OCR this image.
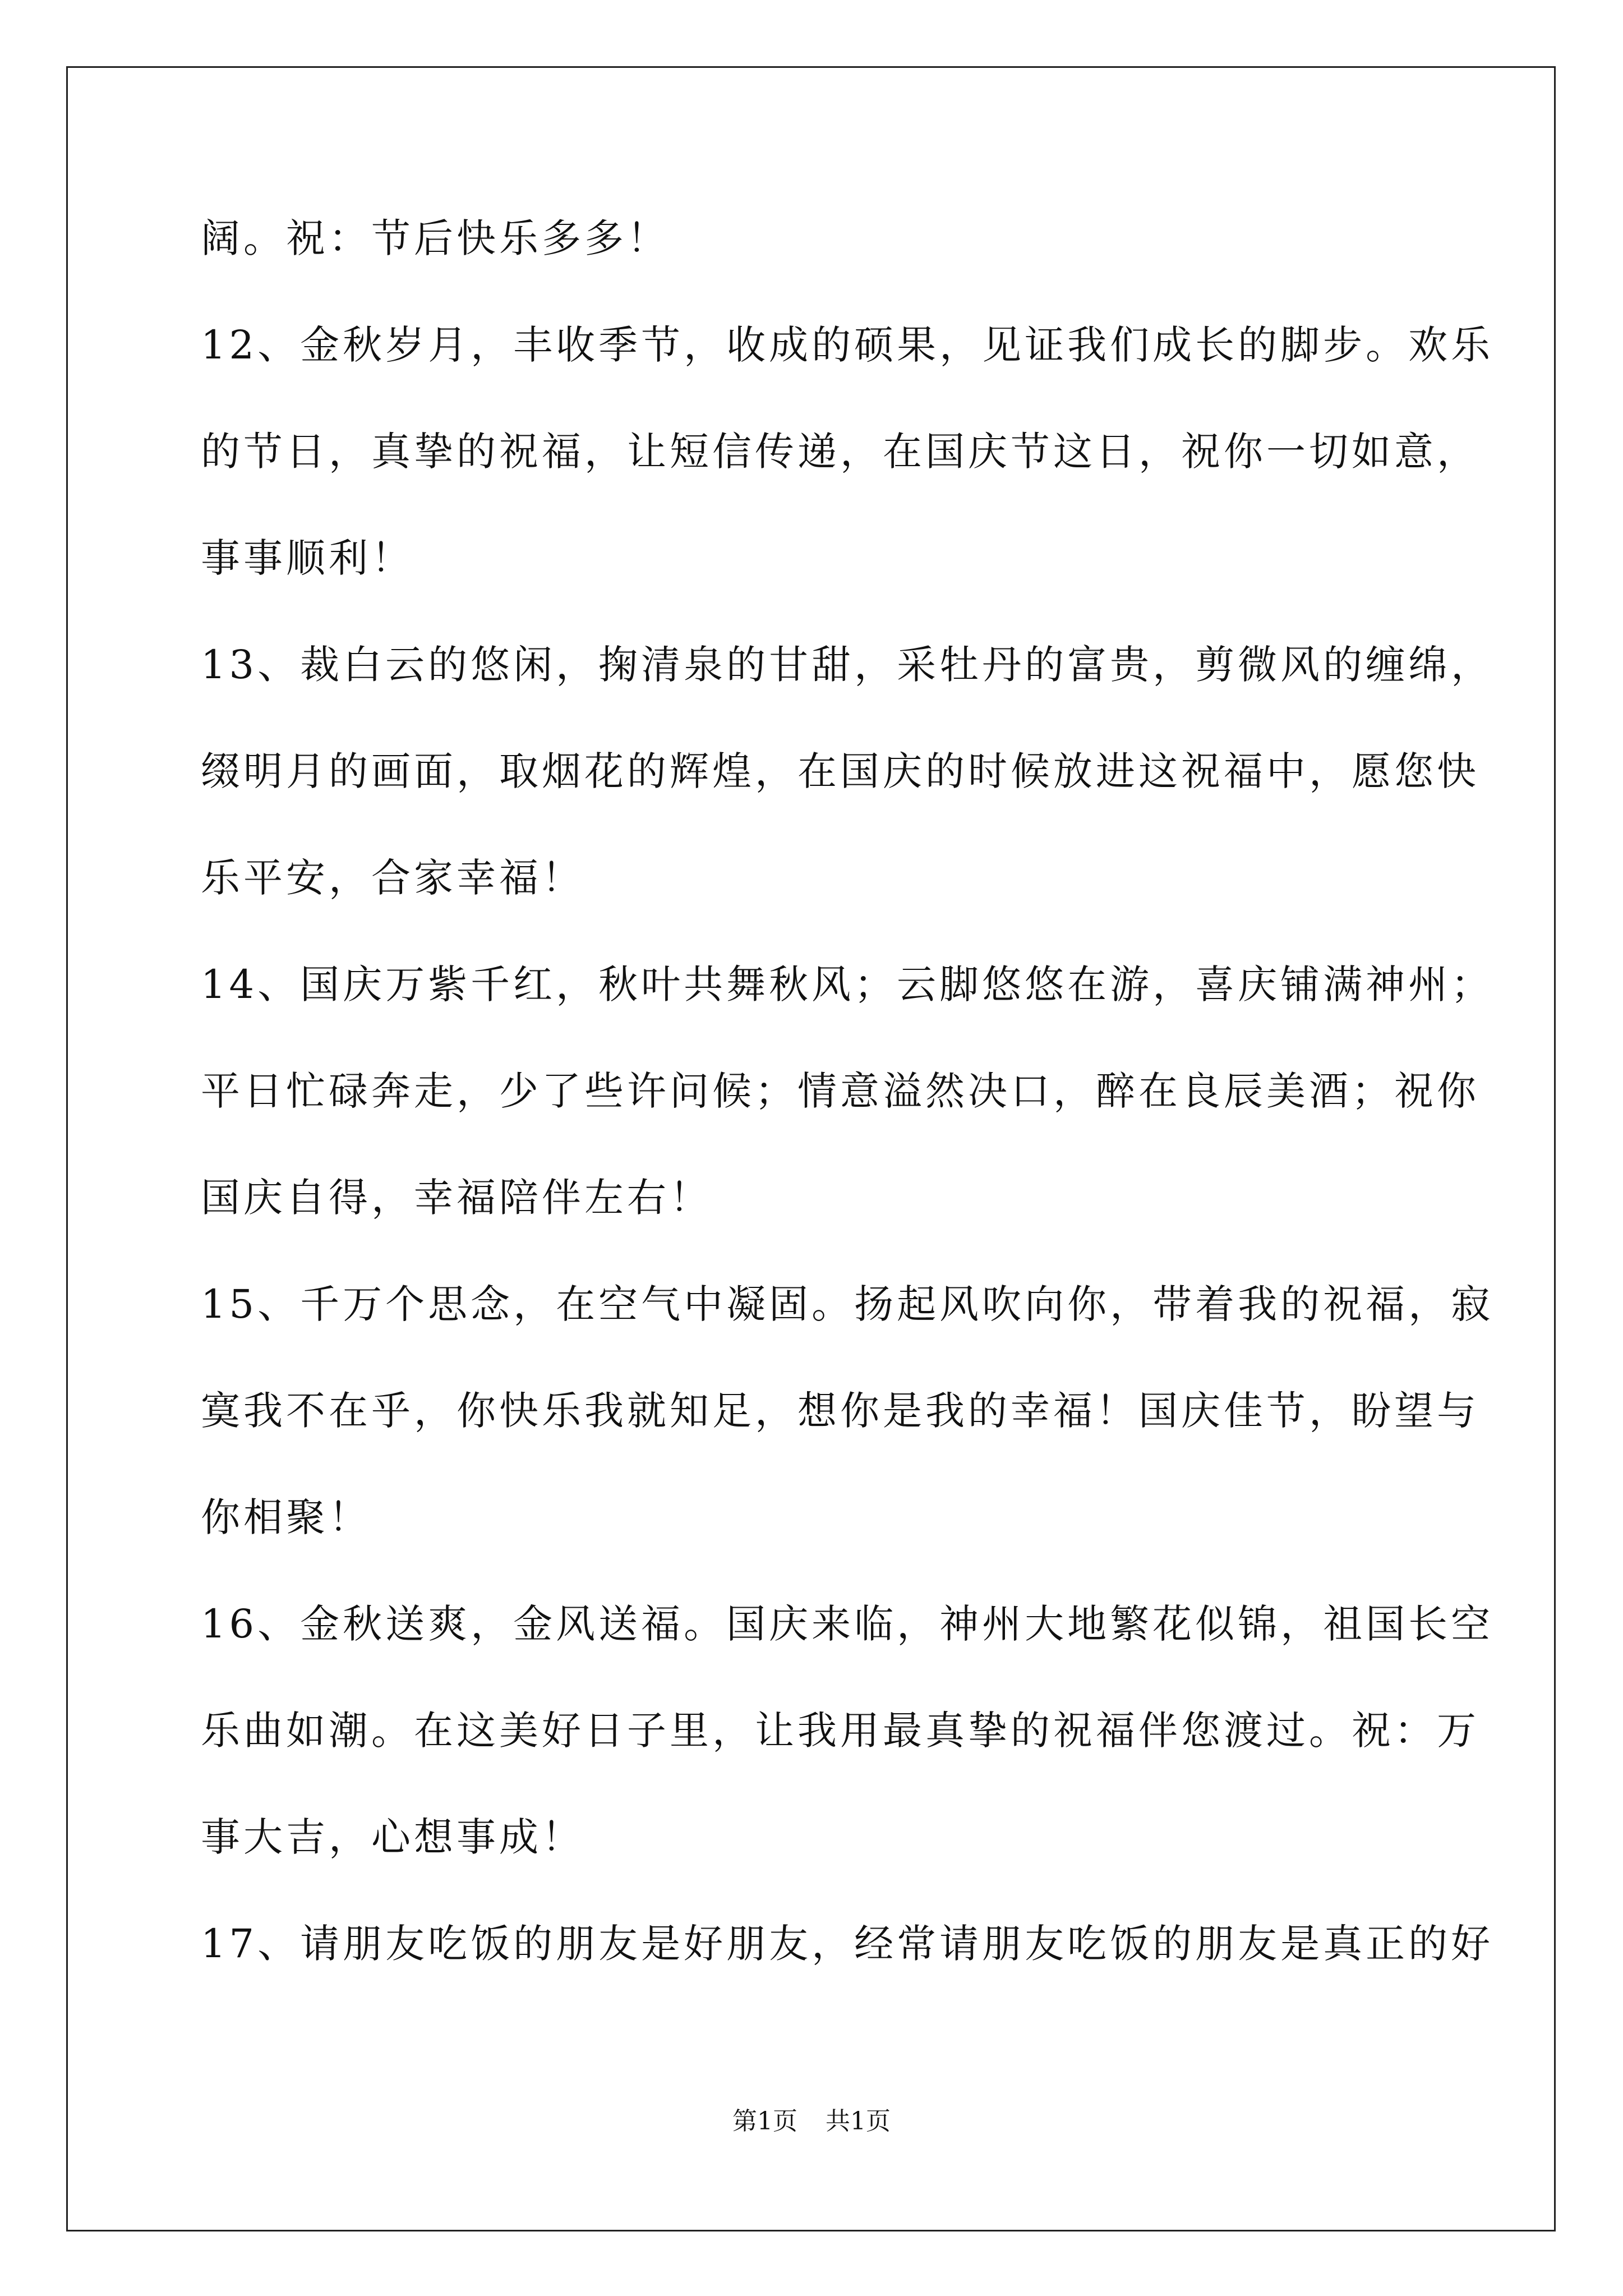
阔。祝：节后快乐多多！
12、金秋岁月，丰收季节，收成的硕果，见证我们成长的脚步。欢乐
的节日，真挚的祝福，让短信传递，在国庆节这日，祝你一切如意，
事事顺利！
13、裁白云的悠闲，掬清泉的甘甜，采牡丹的富贵，剪微风的缠绵，
缀明月的画面，取烟花的辉煌，在国庆的时候放进这祝福中，愿您快
乐平安，合家幸福！
14、国庆万紫千红，秋叶共舞秋风；云脚悠悠在游，喜庆铺满神州；
平日忙碌奔走，少了些许问候；情意溢然决口，醉在良辰美酒；祝你
国庆自得，幸福陪伴左右！
15、千万个思念，在空气中凝固。扬起风吹向你，带着我的祝福，寂
寞我不在乎，你快乐我就知足，想你是我的幸福！国庆佳节，盼望与
你相聚！
16、金秋送爽，金风送福。国庆来临，神州大地繁花似锦，祖国长空
乐曲如潮。在这美好日子里，让我用最真挚的祝福伴您渡过。祝：万
事大吉，心想事成！
17、请朋友吃饭的朋友是好朋友，经常请朋友吃饭的朋友是真正的好
第1页 共1页
